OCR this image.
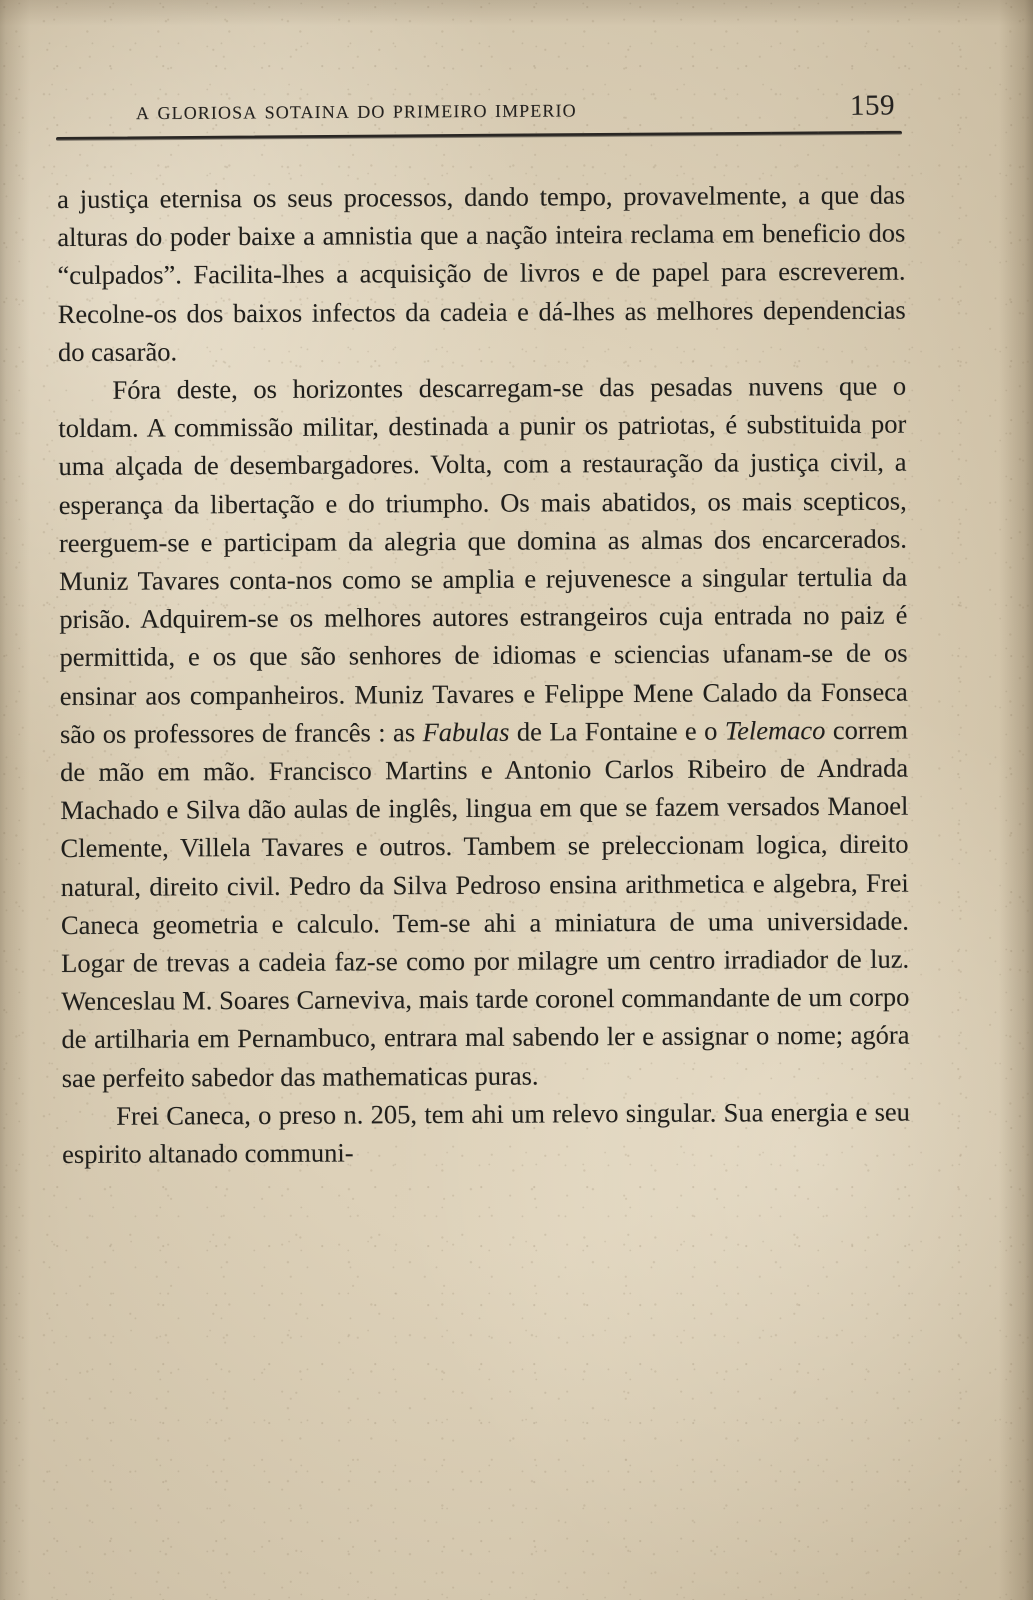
a gloriosa sotaina do primeiro imperio	159

a justiça eternisa os seus processos, dando tempo, provavelmente, a que das alturas do poder baixe a amnistia que a nação inteira reclama em beneficio dos “culpados”. Facilita-lhes a acquisição de livros e de papel para escreverem. Recolne-os dos baixos infectos da cadeia e dá-lhes as melhores dependencias do casarão.

Fóra deste, os horizontes descarregam-se das pesadas nuvens que o toldam. A commissão militar, destinada a punir os patriotas, é substituida por uma alçada de desembargadores. Volta, com a restauração da justiça civil, a esperança da libertação e do triumpho. Os mais abatidos, os mais scepticos, reerguem-se e participam da alegria que domina as almas dos encarcerados. Muniz Tavares conta-nos como se amplia e rejuvenesce a singular tertulia da prisão. Adquirem-se os melhores autores estrangeiros cuja entrada no paiz é permittida, e os que são senhores de idiomas e sciencias ufanam-se de os ensinar aos companheiros. Muniz Tavares e Felippe Mene Calado da Fonseca são os professores de francês : as Fabulas de La Fontaine e o Telemaco correm de mão em mão. Francisco Martins e Antonio Carlos Ribeiro de Andrada Machado e Silva dão aulas de inglês, lingua em que se fazem versados Manoel Clemente, Villela Tavares e outros. Tambem se preleccionam logica, direito natural, direito civil. Pedro da Silva Pedroso ensina arithmetica e algebra, Frei Caneca geometria e calculo. Tem-se ahi a miniatura de uma universidade. Logar de trevas a cadeia faz-se como por milagre um centro irradiador de luz. Wenceslau M. Soares Carneviva, mais tarde coronel commandante de um corpo de artilharia em Pernambuco, entrara mal sabendo ler e assignar o nome; agóra sae perfeito sabedor das mathematicas puras.

Frei Caneca, o preso n. 205, tem ahi um relevo singular. Sua energia e seu espirito altanado communi-
